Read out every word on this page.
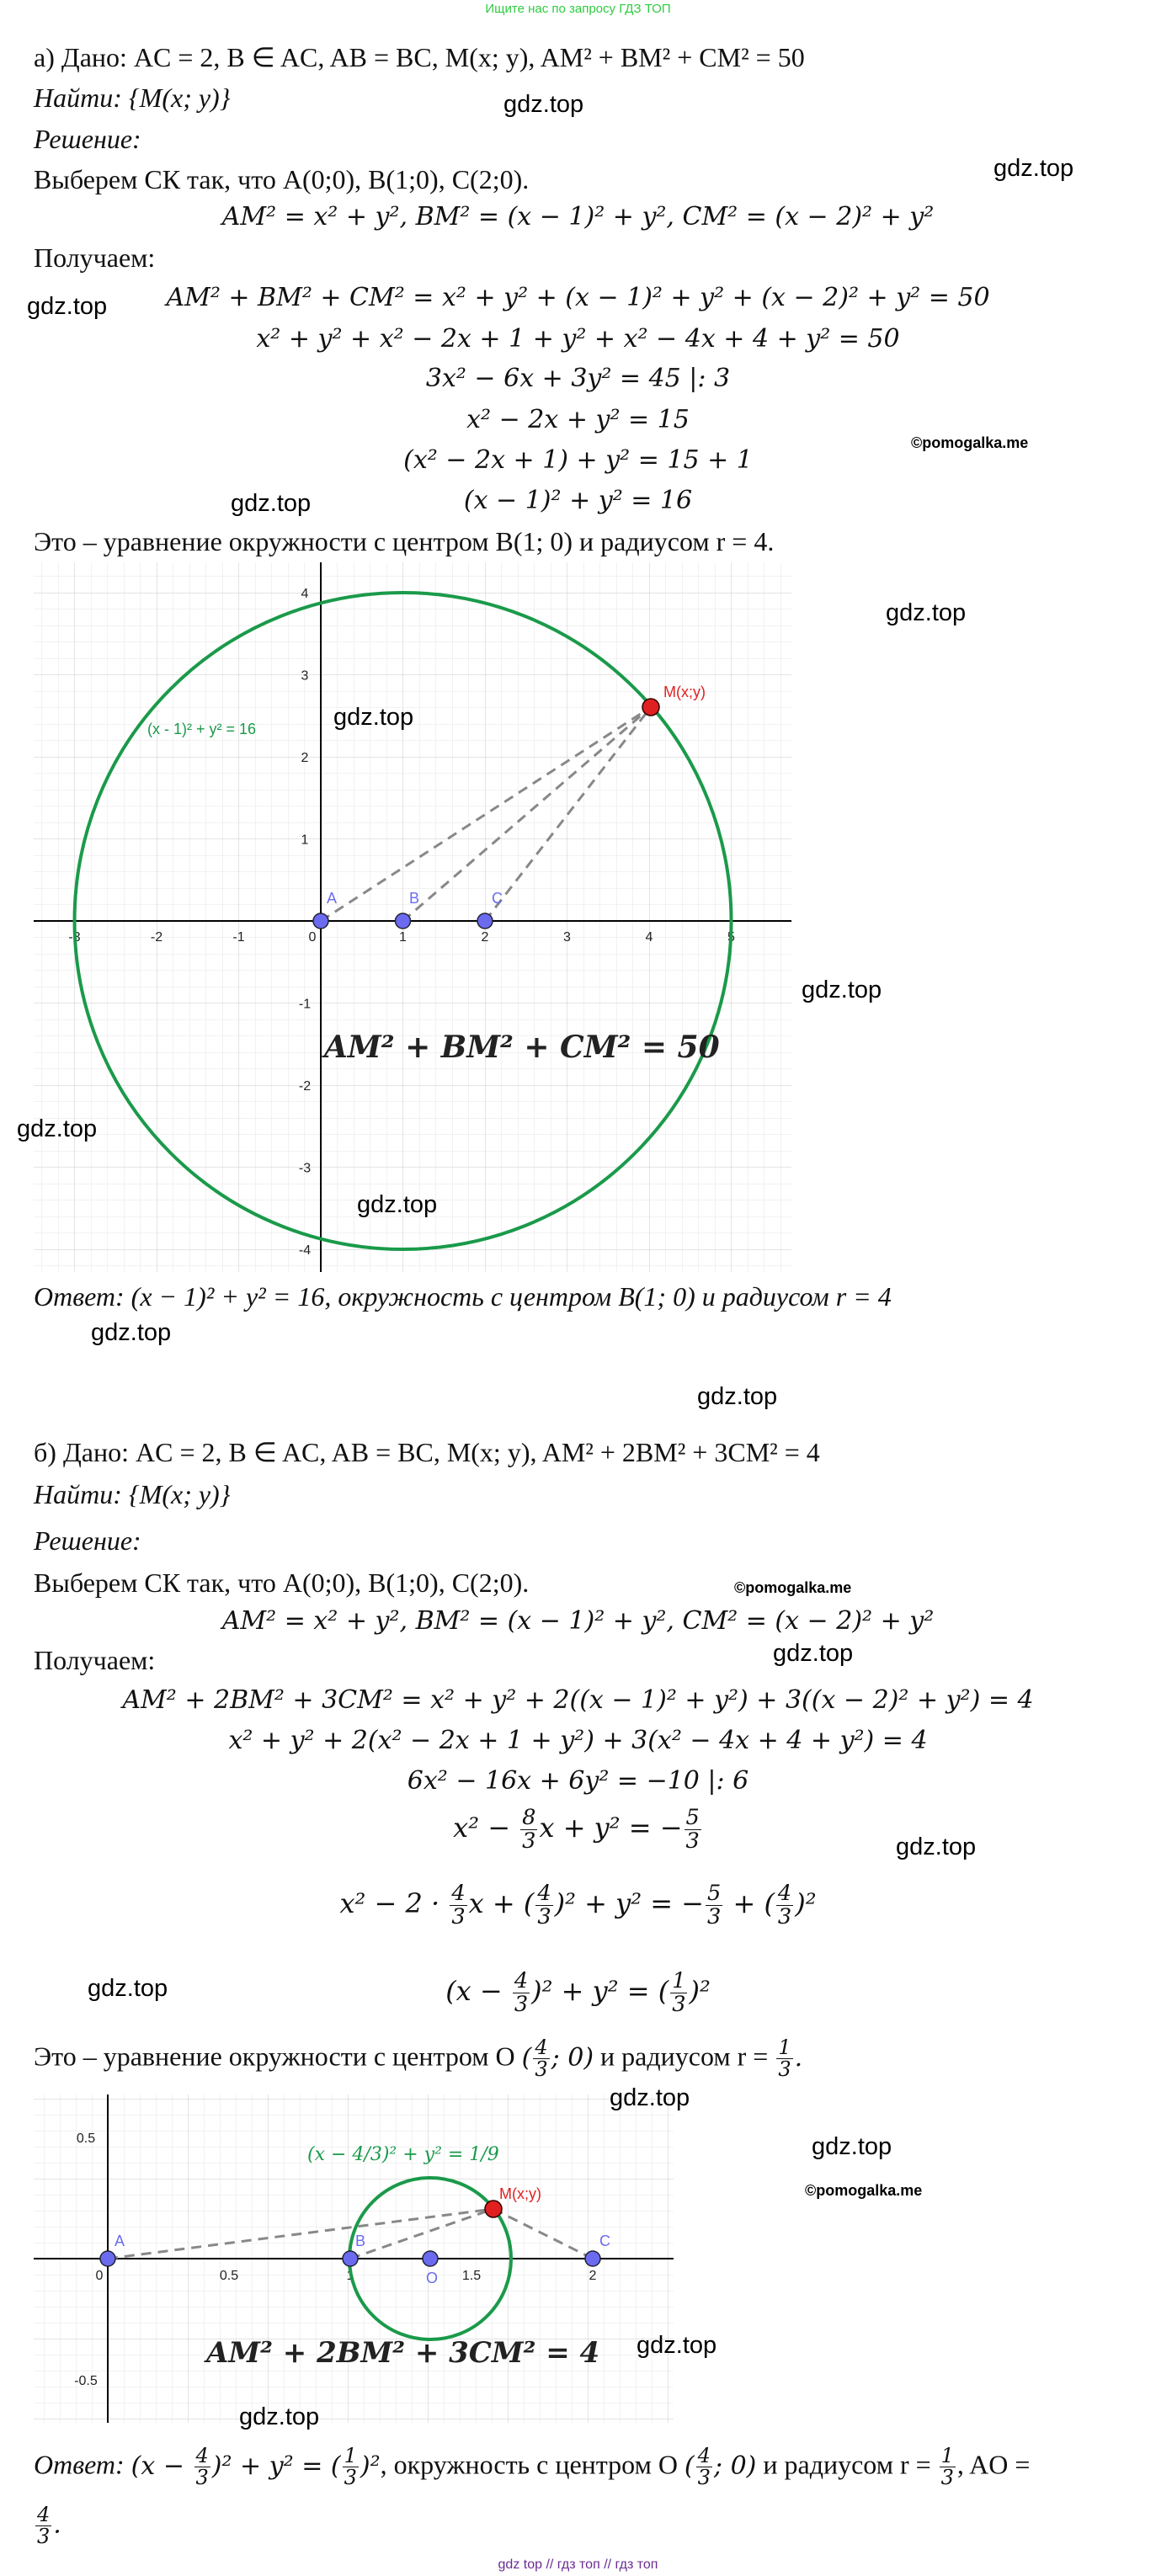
Ищите нас по запросу ГДЗ ТОП
а) Дано: AC = 2, B ∈ AC, AB = BC, M(x; y), AM² + BM² + CM² = 50
Найти: {M(x; y)}
Решение:
Выберем СК так, что A(0;0), B(1;0), C(2;0).
AM² = x² + y², BM² = (x − 1)² + y², CM² = (x − 2)² + y²
Получаем:
AM² + BM² + CM² = x² + y² + (x − 1)² + y² + (x − 2)² + y² = 50
x² + y² + x² − 2x + 1 + y² + x² − 4x + 4 + y² = 50
3x² − 6x + 3y² = 45 |: 3
x² − 2x + y² = 15
(x² − 2x + 1) + y² = 15 + 1
(x − 1)² + y² = 16
Это – уравнение окружности с центром B(1; 0) и радиусом r = 4.
-3	-2	-1	0	1	2	3	4	5
4
3
2
1
-1
-2
-3
-4
A	B	C
M(x;y)
(x - 1)² + y² = 16
AM² + BM² + CM² = 50
Ответ: (x − 1)² + y² = 16, окружность с центром B(1; 0) и радиусом r = 4
б) Дано: AC = 2, B ∈ AC, AB = BC, M(x; y), AM² + 2BM² + 3CM² = 4
Найти: {M(x; y)}
Решение:
Выберем СК так, что A(0;0), B(1;0), C(2;0).
AM² = x² + y², BM² = (x − 1)² + y², CM² = (x − 2)² + y²
Получаем:
AM² + 2BM² + 3CM² = x² + y² + 2((x − 1)² + y²) + 3((x − 2)² + y²) = 4
x² + y² + 2(x² − 2x + 1 + y²) + 3(x² − 4x + 4 + y²) = 4
6x² − 16x + 6y² = −10 |: 6
$x^2 - \frac{8}{3}$ x + y² = − $\frac{5}{3}$
$x^2 - 2 \cdot \frac{4}{3}$ x + ( $\frac{4}{3} )^2 + y^2$ = − $\frac{5}{3}$ + ( $\frac{4}{3} )^2$
$(x - \frac{4}{3} )^2 + y^2$ = ( $\frac{1}{3} )^2$
Это – уравнение окружности с центром O ( $\frac{4}{3}$ ; 0) и радиусом $r = \frac{1}{3}$ .
0	0.5	1	1.5	2
0.5
-0.5
A	B
O
C
M(x;y)
(x − 4/3)² + y² = 1/9
AM² + 2BM² + 3CM² = 4
Ответ: $(x - \frac{4}{3} )^2 + y^2$ = ( $\frac{1}{3} )^2$, окружность с центром O ( $\frac{4}{3}$ ; 0) и радиусом $r = \frac{1}{3}$ , AO =
$\frac{4}{3}$ .
gdz.top
gdz.top
gdz.top
©pomogalka.me
gdz.top
gdz.top
gdz.top
gdz.top
gdz.top
gdz.top
gdz.top
gdz.top
©pomogalka.me
gdz.top
gdz.top
gdz.top
gdz.top
gdz.top
©pomogalka.me
gdz.top
gdz.top
gdz top // гдз топ // гдз топ
